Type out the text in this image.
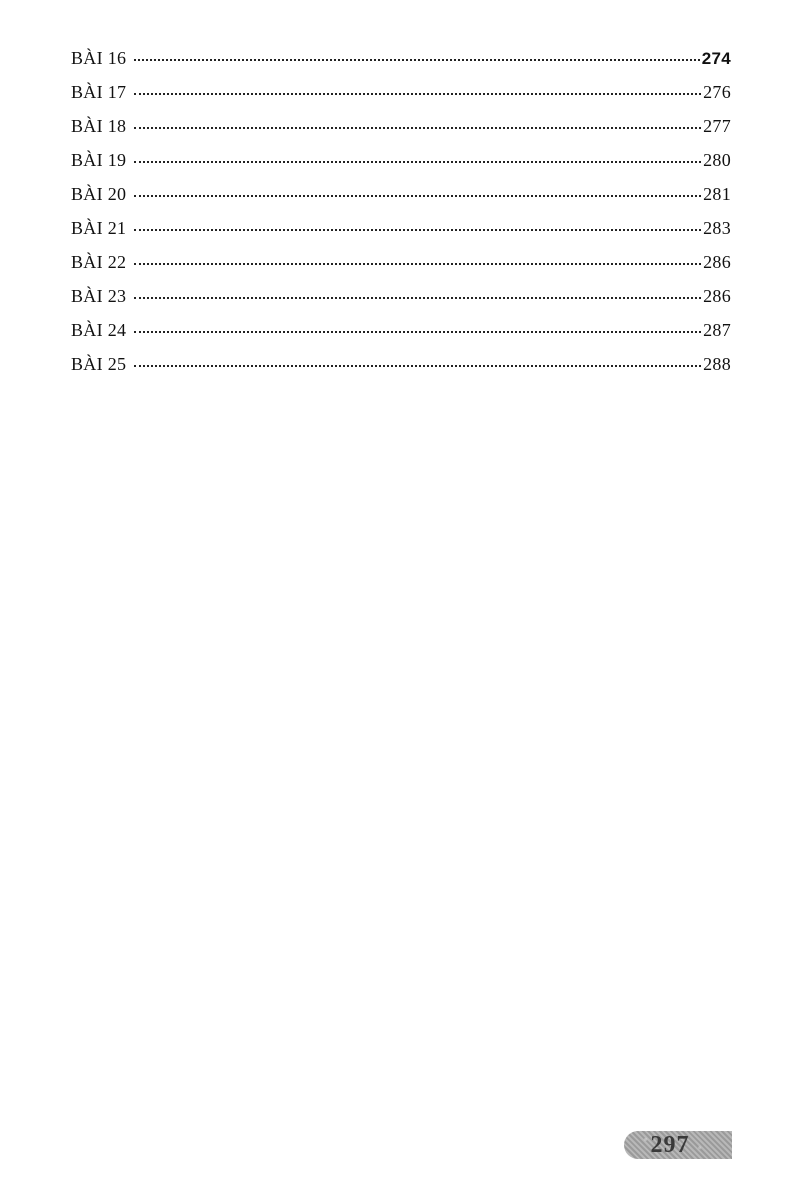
BÀI 16	274
BÀI 17	276
BÀI 18	277
BÀI 19	280
BÀI 20	281
BÀI 21	283
BÀI 22	286
BÀI 23	286
BÀI 24	287
BÀI 25	288
297
